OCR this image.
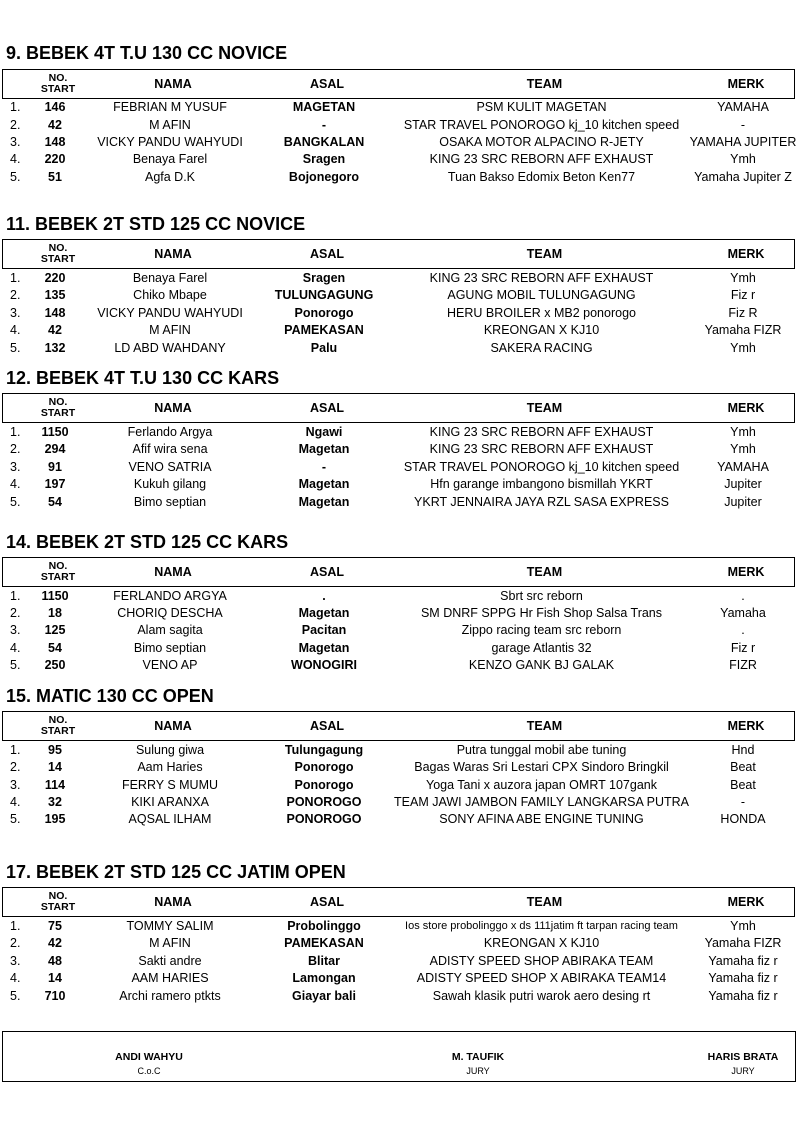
9. BEBEK 4T T.U 130 CC NOVICE
NO.
START	NAMA	ASAL	TEAM	MERK
1.	146	FEBRIAN M YUSUF	MAGETAN	PSM KULIT MAGETAN	YAMAHA
2.	42	M AFIN	-	STAR TRAVEL PONOROGO kj_10 kitchen speed	-
3.	148	VICKY PANDU WAHYUDI	BANGKALAN	OSAKA MOTOR ALPACINO R-JETY	YAMAHA JUPITER
4.	220	Benaya Farel	Sragen	KING 23 SRC REBORN AFF EXHAUST	Ymh
5.	51	Agfa D.K	Bojonegoro	Tuan Bakso Edomix Beton Ken77	Yamaha Jupiter Z
11. BEBEK 2T STD 125 CC NOVICE
NO.
START	NAMA	ASAL	TEAM	MERK
1.	220	Benaya Farel	Sragen	KING 23 SRC REBORN AFF EXHAUST	Ymh
2.	135	Chiko Mbape	TULUNGAGUNG	AGUNG MOBIL TULUNGAGUNG	Fiz r
3.	148	VICKY PANDU WAHYUDI	Ponorogo	HERU BROILER x MB2 ponorogo	Fiz R
4.	42	M AFIN	PAMEKASAN	KREONGAN X KJ10	Yamaha FIZR
5.	132	LD ABD WAHDANY	Palu	SAKERA RACING	Ymh
12. BEBEK 4T T.U 130 CC KARS
NO.
START	NAMA	ASAL	TEAM	MERK
1.	1150	Ferlando Argya	Ngawi	KING 23 SRC REBORN AFF EXHAUST	Ymh
2.	294	Afif wira sena	Magetan	KING 23 SRC REBORN AFF EXHAUST	Ymh
3.	91	VENO SATRIA	-	STAR TRAVEL PONOROGO kj_10 kitchen speed	YAMAHA
4.	197	Kukuh gilang	Magetan	Hfn garange imbangono bismillah YKRT	Jupiter
5.	54	Bimo septian	Magetan	YKRT JENNAIRA JAYA RZL SASA EXPRESS	Jupiter
14. BEBEK 2T STD 125 CC KARS
NO.
START	NAMA	ASAL	TEAM	MERK
1.	1150	FERLANDO ARGYA	.	Sbrt src reborn	.
2.	18	CHORIQ DESCHA	Magetan	SM DNRF SPPG Hr Fish Shop Salsa Trans	Yamaha
3.	125	Alam sagita	Pacitan	Zippo racing team src reborn	.
4.	54	Bimo septian	Magetan	garage Atlantis 32	Fiz r
5.	250	VENO AP	WONOGIRI	KENZO GANK BJ GALAK	FIZR
15. MATIC 130 CC OPEN
NO.
START	NAMA	ASAL	TEAM	MERK
1.	95	Sulung giwa	Tulungagung	Putra tunggal mobil abe tuning	Hnd
2.	14	Aam Haries	Ponorogo	Bagas Waras Sri Lestari CPX Sindoro Bringkil	Beat
3.	114	FERRY S MUMU	Ponorogo	Yoga Tani x auzora japan OMRT 107gank	Beat
4.	32	KIKI ARANXA	PONOROGO	TEAM JAWI JAMBON FAMILY LANGKARSA PUTRA	-
5.	195	AQSAL ILHAM	PONOROGO	SONY AFINA ABE ENGINE TUNING	HONDA
17. BEBEK 2T STD 125 CC JATIM OPEN
NO.
START	NAMA	ASAL	TEAM	MERK
1.	75	TOMMY SALIM	Probolinggo	Ios store probolinggo x ds 111jatim ft tarpan racing team	Ymh
2.	42	M AFIN	PAMEKASAN	KREONGAN X KJ10	Yamaha FIZR
3.	48	Sakti andre	Blitar	ADISTY SPEED SHOP ABIRAKA TEAM	Yamaha fiz r
4.	14	AAM HARIES	Lamongan	ADISTY SPEED SHOP X ABIRAKA TEAM14	Yamaha fiz r
5.	710	Archi ramero ptkts	Giayar bali	Sawah klasik putri warok aero desing rt	Yamaha fiz r
ANDI WAHYU
C.o.C
M. TAUFIK
JURY
HARIS BRATA
JURY
